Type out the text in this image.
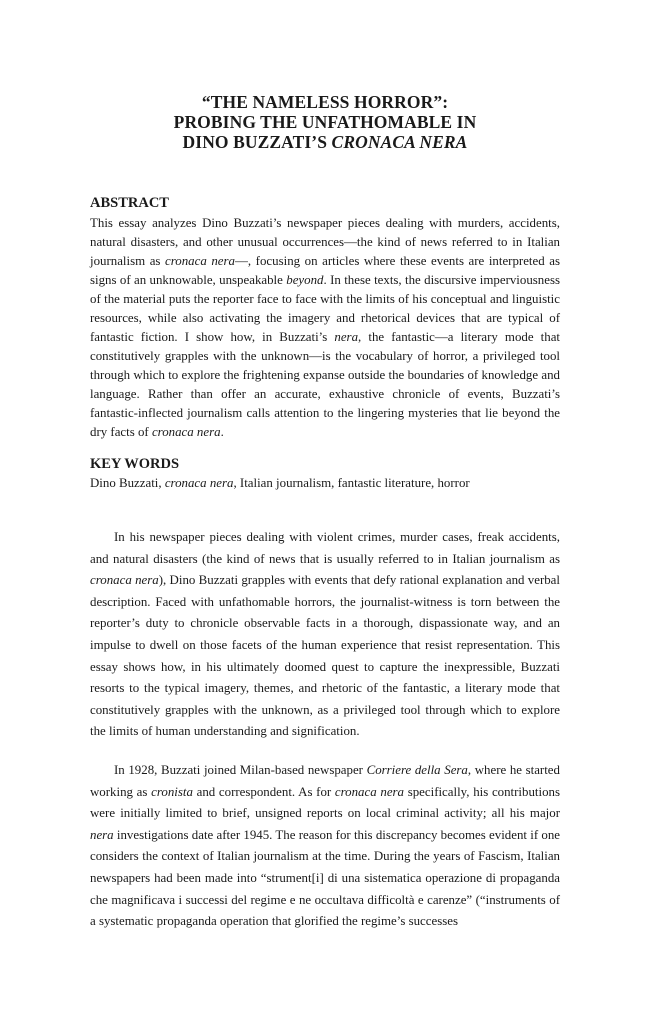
“THE NAMELESS HORROR”:
PROBING THE UNFATHOMABLE IN
DINO BUZZATI’S CRONACA NERA
ABSTRACT

This essay analyzes Dino Buzzati’s newspaper pieces dealing with murders, accidents, natural disasters, and other unusual occurrences—the kind of news referred to in Italian journalism as cronaca nera—, focusing on articles where these events are interpreted as signs of an unknowable, unspeakable beyond. In these texts, the discursive imperviousness of the material puts the reporter face to face with the limits of his conceptual and linguistic resources, while also activating the imagery and rhetorical devices that are typical of fantastic fiction. I show how, in Buzzati’s nera, the fantastic—a literary mode that constitutively grapples with the unknown—is the vocabulary of horror, a privileged tool through which to explore the frightening expanse outside the boundaries of knowledge and language. Rather than offer an accurate, exhaustive chronicle of events, Buzzati’s fantastic-inflected journalism calls attention to the lingering mysteries that lie beyond the dry facts of cronaca nera.

KEY WORDS

Dino Buzzati, cronaca nera, Italian journalism, fantastic literature, horror

In his newspaper pieces dealing with violent crimes, murder cases, freak accidents, and natural disasters (the kind of news that is usually referred to in Italian journalism as cronaca nera), Dino Buzzati grapples with events that defy rational explanation and verbal description. Faced with unfathomable horrors, the journalist-witness is torn between the reporter’s duty to chronicle observable facts in a thorough, dispassionate way, and an impulse to dwell on those facets of the human experience that resist representation. This essay shows how, in his ultimately doomed quest to capture the inexpressible, Buzzati resorts to the typical imagery, themes, and rhetoric of the fantastic, a literary mode that constitutively grapples with the unknown, as a privileged tool through which to explore the limits of human understanding and signification.

In 1928, Buzzati joined Milan-based newspaper Corriere della Sera, where he started working as cronista and correspondent. As for cronaca nera specifically, his contributions were initially limited to brief, unsigned reports on local criminal activity; all his major nera investigations date after 1945. The reason for this discrepancy becomes evident if one considers the context of Italian journalism at the time. During the years of Fascism, Italian newspapers had been made into “strument[i] di una sistematica operazione di propaganda che magnificava i successi del regime e ne occultava difficoltà e carenze” (“instruments of a systematic propaganda operation that glorified the regime’s successes
